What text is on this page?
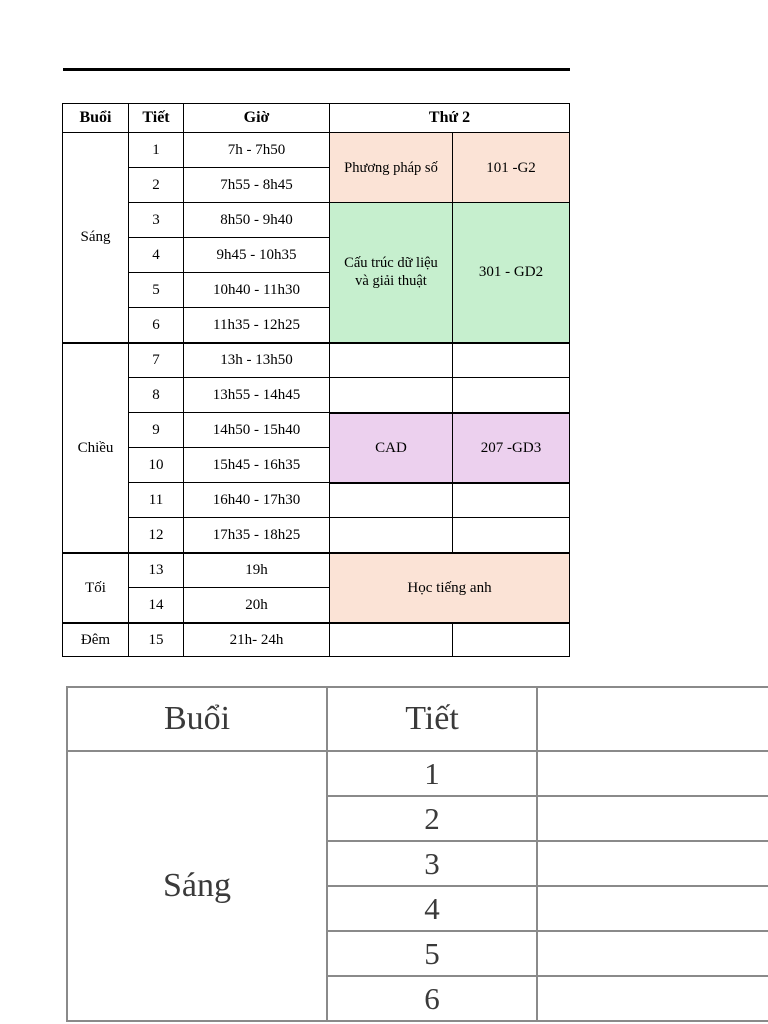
Buổi	Tiết	Giờ	Thứ 2	
Sáng	1	7h - 7h50	Phương pháp số	101 -G2
	2	7h55 - 8h45		
	3	8h50 - 9h40	Cấu trúc dữ liệu và giải thuật	301 - GD2
	4	9h45 - 10h35		
	5	10h40 - 11h30		
	6	11h35 - 12h25		
Chiều	7	13h - 13h50		
	8	13h55 - 14h45		
	9	14h50 - 15h40	CAD	207 -GD3
	10	15h45 - 16h35		
	11	16h40 - 17h30		
	12	17h35 - 18h25		
Tối	13	19h	Học tiếng anh	
	14	20h		
Đêm	15	21h- 24h		
Buổi	Tiết	
Sáng	1	
	2	
	3	
	4	
	5	
	6	
